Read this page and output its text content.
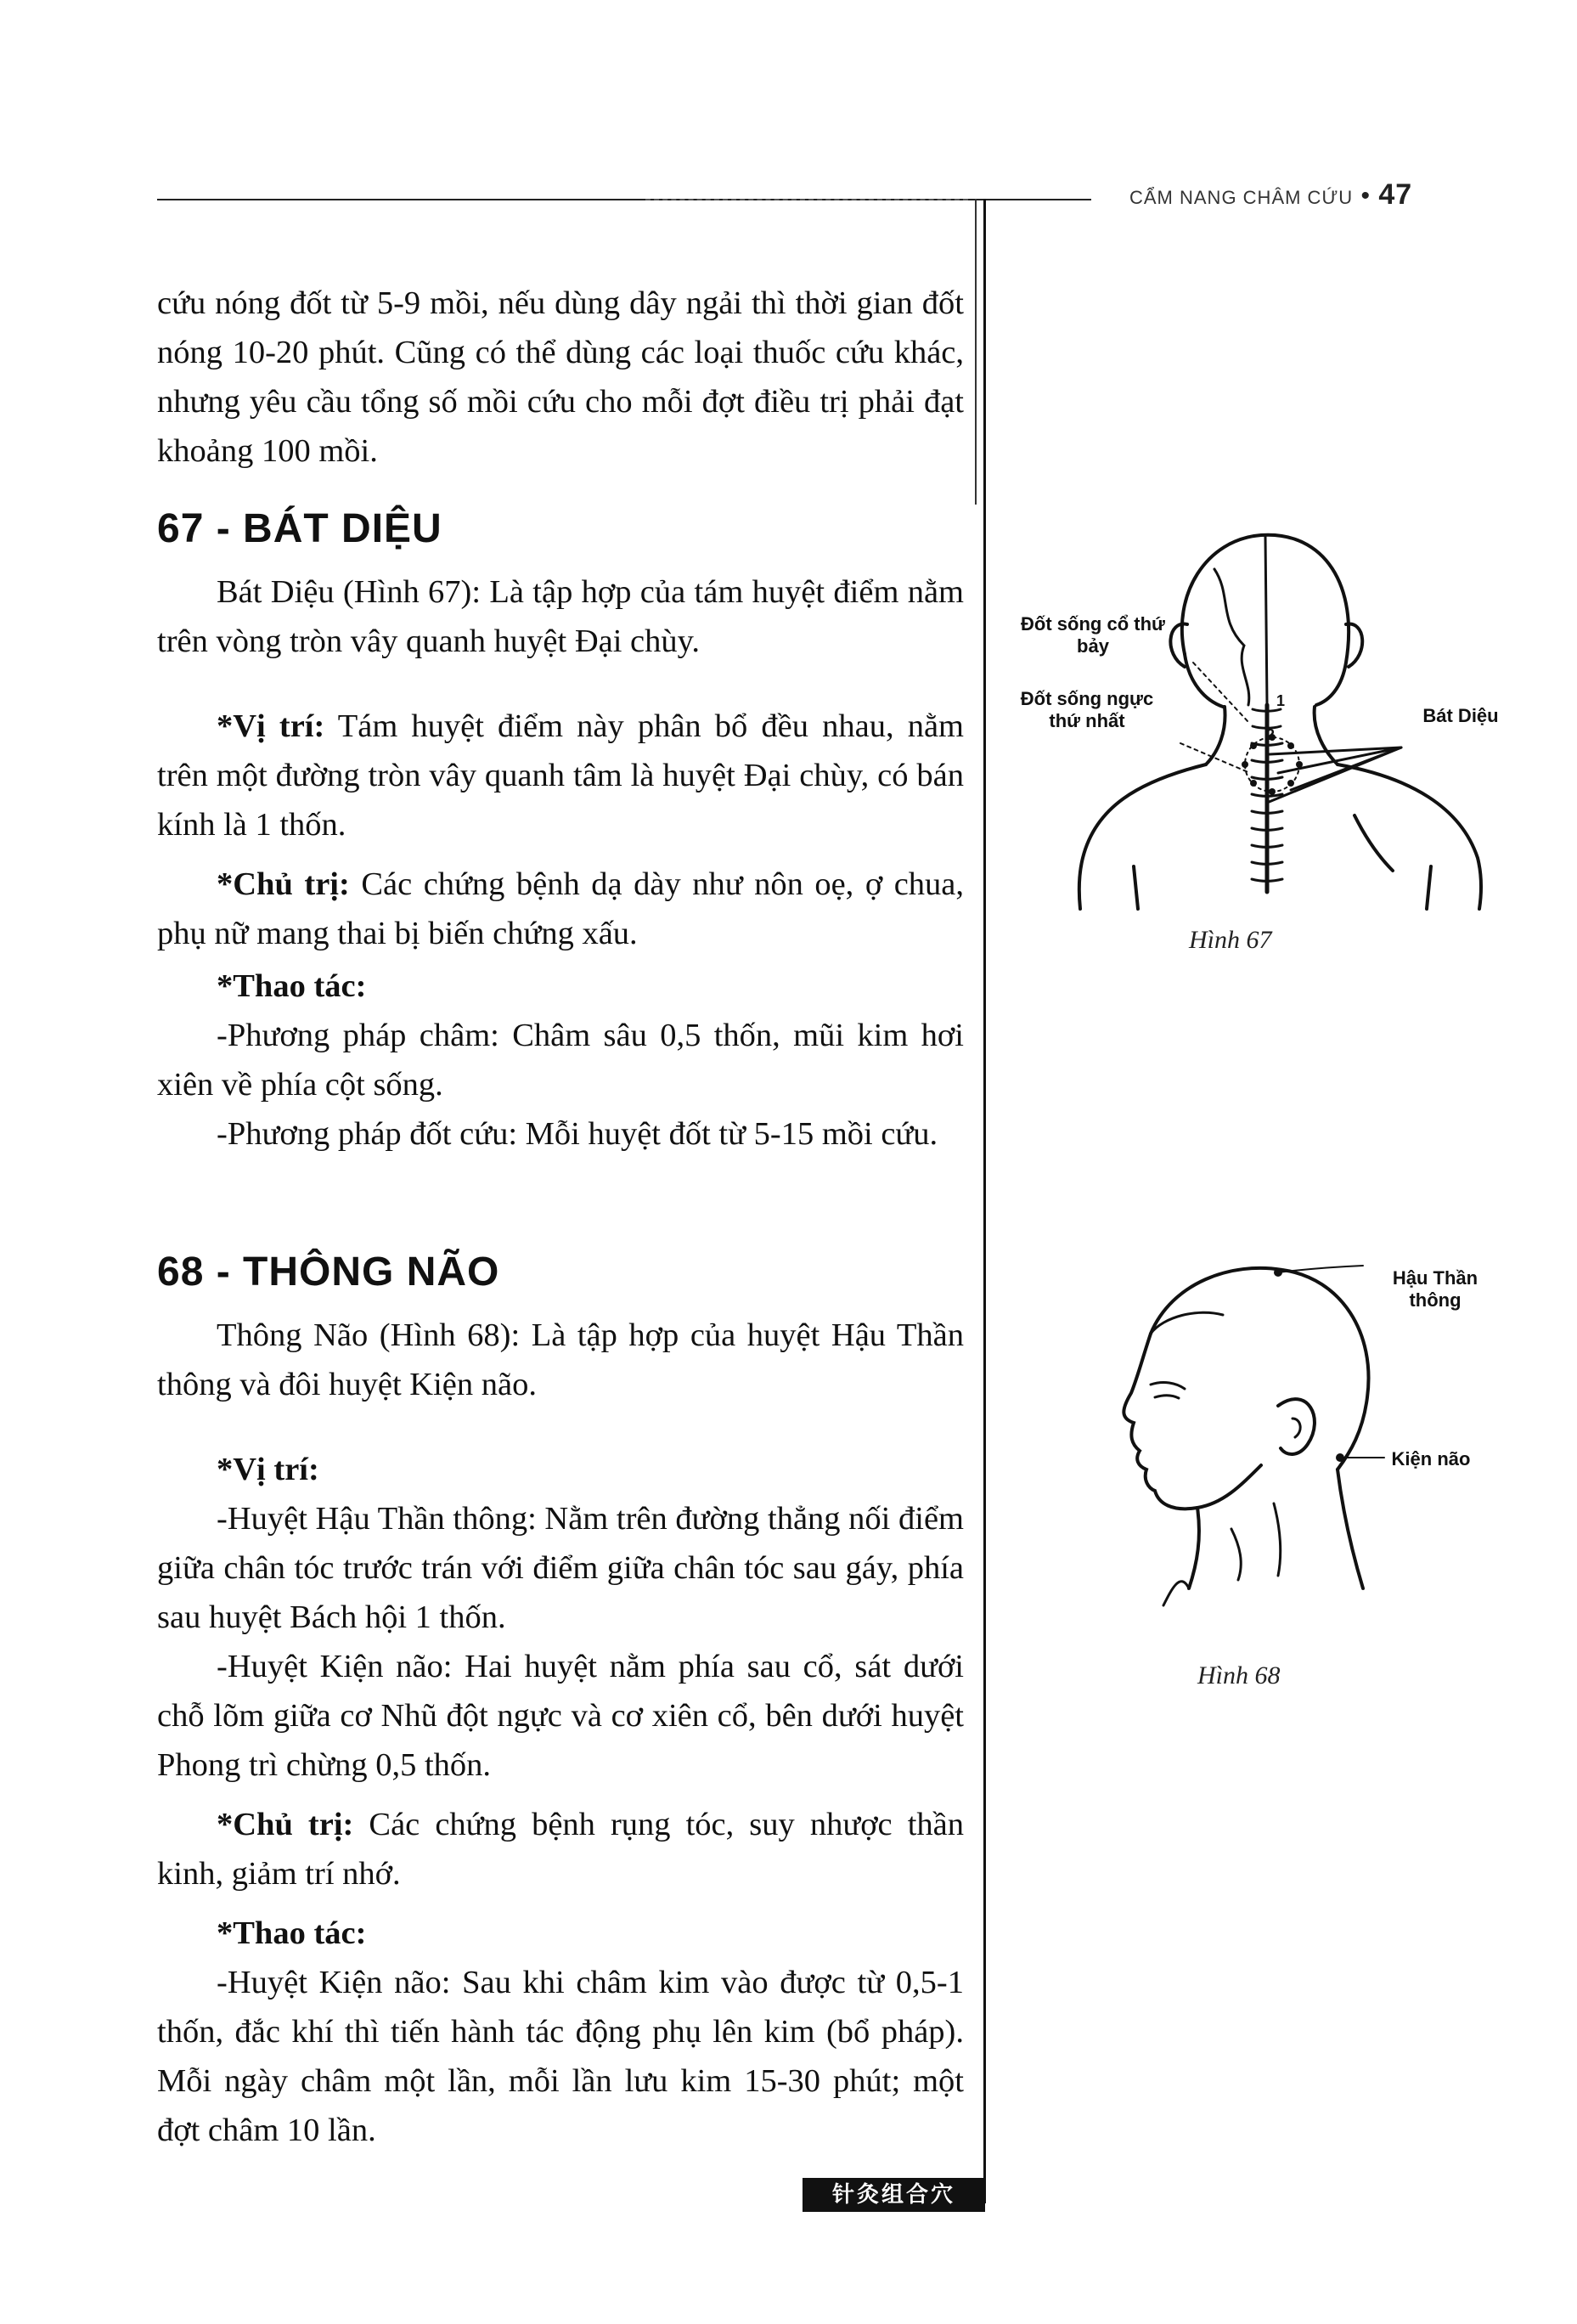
CẨM NANG CHÂM CỨU • 47

cứu nóng đốt từ 5-9 mồi, nếu dùng dây ngải thì thời gian đốt nóng 10-20 phút. Cũng có thể dùng các loại thuốc cứu khác, nhưng yêu cầu tổng số mồi cứu cho mỗi đợt điều trị phải đạt khoảng 100 mồi.

67 - BÁT DIỆU

Bát Diệu (Hình 67): Là tập hợp của tám huyệt điểm nằm trên vòng tròn vây quanh huyệt Đại chùy.

*Vị trí: Tám huyệt điểm này phân bổ đều nhau, nằm trên một đường tròn vây quanh tâm là huyệt Đại chùy, có bán kính là 1 thốn.

*Chủ trị: Các chứng bệnh dạ dày như nôn oẹ, ợ chua, phụ nữ mang thai bị biến chứng xấu.

*Thao tác:

-Phương pháp châm: Châm sâu 0,5 thốn, mũi kim hơi xiên về phía cột sống.

-Phương pháp đốt cứu: Mỗi huyệt đốt từ 5-15 mồi cứu.

68 - THÔNG NÃO

Thông Não (Hình 68): Là tập hợp của huyệt Hậu Thần thông và đôi huyệt Kiện não.

*Vị trí:

-Huyệt Hậu Thần thông: Nằm trên đường thẳng nối điểm giữa chân tóc trước trán với điểm giữa chân tóc sau gáy, phía sau huyệt Bách hội 1 thốn.

-Huyệt Kiện não: Hai huyệt nằm phía sau cổ, sát dưới chỗ lõm giữa cơ Nhũ đột ngực và cơ xiên cổ, bên dưới huyệt Phong trì chừng 0,5 thốn.

*Chủ trị: Các chứng bệnh rụng tóc, suy nhược thần kinh, giảm trí nhớ.

*Thao tác:

-Huyệt Kiện não: Sau khi châm kim vào được từ 0,5-1 thốn, đắc khí thì tiến hành tác động phụ lên kim (bổ pháp). Mỗi ngày châm một lần, mỗi lần lưu kim 15-30 phút; một đợt châm 10 lần.

Đốt sống cổ thứ bảy
Đốt sống ngực thứ nhất	Bát Diệu
1
2
Hình 67
Hậu Thần thông
Kiện não
Hình 68
针灸组合穴
